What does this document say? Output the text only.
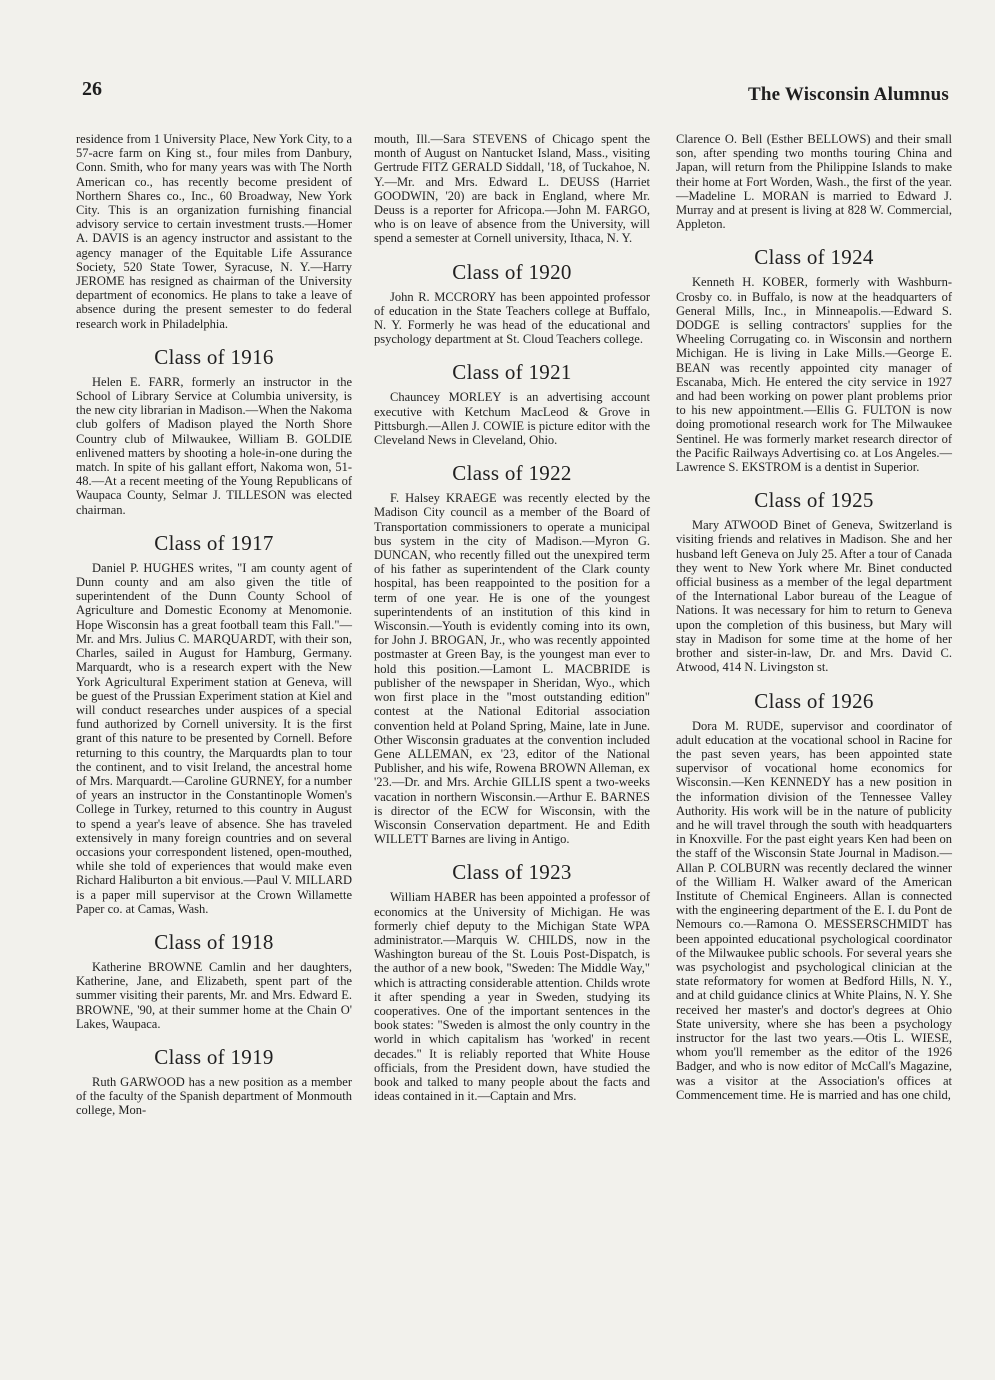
26	The Wisconsin Alumnus

residence from 1 University Place, New York City, to a 57-acre farm on King st., four miles from Danbury, Conn. Smith, who for many years was with The North American co., has recently become president of Northern Shares co., Inc., 60 Broadway, New York City. This is an organization furnishing financial advisory service to certain investment trusts.—Homer A. DAVIS is an agency instructor and assistant to the agency manager of the Equitable Life Assurance Society, 520 State Tower, Syracuse, N. Y.—Harry JEROME has resigned as chairman of the University department of economics. He plans to take a leave of absence during the present semester to do federal research work in Philadelphia.

Class of 1916

Helen E. FARR, formerly an instructor in the School of Library Service at Columbia university, is the new city librarian in Madison.—When the Nakoma club golfers of Madison played the North Shore Country club of Milwaukee, William B. GOLDIE enlivened matters by shooting a hole-in-one during the match. In spite of his gallant effort, Nakoma won, 51-48.—At a recent meeting of the Young Republicans of Waupaca County, Selmar J. TILLESON was elected chairman.

Class of 1917

Daniel P. HUGHES writes, "I am county agent of Dunn county and am also given the title of superintendent of the Dunn County School of Agriculture and Domestic Economy at Menomonie. Hope Wisconsin has a great football team this Fall."—Mr. and Mrs. Julius C. MARQUARDT, with their son, Charles, sailed in August for Hamburg, Germany. Marquardt, who is a research expert with the New York Agricultural Experiment station at Geneva, will be guest of the Prussian Experiment station at Kiel and will conduct researches under auspices of a special fund authorized by Cornell university. It is the first grant of this nature to be presented by Cornell. Before returning to this country, the Marquardts plan to tour the continent, and to visit Ireland, the ancestral home of Mrs. Marquardt.—Caroline GURNEY, for a number of years an instructor in the Constantinople Women's College in Turkey, returned to this country in August to spend a year's leave of absence. She has traveled extensively in many foreign countries and on several occasions your correspondent listened, open-mouthed, while she told of experiences that would make even Richard Haliburton a bit envious.—Paul V. MILLARD is a paper mill supervisor at the Crown Willamette Paper co. at Camas, Wash.

Class of 1918

Katherine BROWNE Camlin and her daughters, Katherine, Jane, and Elizabeth, spent part of the summer visiting their parents, Mr. and Mrs. Edward E. BROWNE, '90, at their summer home at the Chain O' Lakes, Waupaca.

Class of 1919

Ruth GARWOOD has a new position as a member of the faculty of the Spanish department of Monmouth college, Mon-

mouth, Ill.—Sara STEVENS of Chicago spent the month of August on Nantucket Island, Mass., visiting Gertrude FITZ GERALD Siddall, '18, of Tuckahoe, N. Y.—Mr. and Mrs. Edward L. DEUSS (Harriet GOODWIN, '20) are back in England, where Mr. Deuss is a reporter for Africopa.—John M. FARGO, who is on leave of absence from the University, will spend a semester at Cornell university, Ithaca, N. Y.

Class of 1920

John R. MCCRORY has been appointed professor of education in the State Teachers college at Buffalo, N. Y. Formerly he was head of the educational and psychology department at St. Cloud Teachers college.

Class of 1921

Chauncey MORLEY is an advertising account executive with Ketchum MacLeod & Grove in Pittsburgh.—Allen J. COWIE is picture editor with the Cleveland News in Cleveland, Ohio.

Class of 1922

F. Halsey KRAEGE was recently elected by the Madison City council as a member of the Board of Transportation commissioners to operate a municipal bus system in the city of Madison.—Myron G. DUNCAN, who recently filled out the unexpired term of his father as superintendent of the Clark county hospital, has been reappointed to the position for a term of one year. He is one of the youngest superintendents of an institution of this kind in Wisconsin.—Youth is evidently coming into its own, for John J. BROGAN, Jr., who was recently appointed postmaster at Green Bay, is the youngest man ever to hold this position.—Lamont L. MACBRIDE is publisher of the newspaper in Sheridan, Wyo., which won first place in the "most outstanding edition" contest at the National Editorial association convention held at Poland Spring, Maine, late in June. Other Wisconsin graduates at the convention included Gene ALLEMAN, ex '23, editor of the National Publisher, and his wife, Rowena BROWN Alleman, ex '23.—Dr. and Mrs. Archie GILLIS spent a two-weeks vacation in northern Wisconsin.—Arthur E. BARNES is director of the ECW for Wisconsin, with the Wisconsin Conservation department. He and Edith WILLETT Barnes are living in Antigo.

Class of 1923

William HABER has been appointed a professor of economics at the University of Michigan. He was formerly chief deputy to the Michigan State WPA administrator.—Marquis W. CHILDS, now in the Washington bureau of the St. Louis Post-Dispatch, is the author of a new book, "Sweden: The Middle Way," which is attracting considerable attention. Childs wrote it after spending a year in Sweden, studying its cooperatives. One of the important sentences in the book states: "Sweden is almost the only country in the world in which capitalism has 'worked' in recent decades." It is reliably reported that White House officials, from the President down, have studied the book and talked to many people about the facts and ideas contained in it.—Captain and Mrs.

Clarence O. Bell (Esther BELLOWS) and their small son, after spending two months touring China and Japan, will return from the Philippine Islands to make their home at Fort Worden, Wash., the first of the year.—Madeline L. MORAN is married to Edward J. Murray and at present is living at 828 W. Commercial, Appleton.

Class of 1924

Kenneth H. KOBER, formerly with Washburn-Crosby co. in Buffalo, is now at the headquarters of General Mills, Inc., in Minneapolis.—Edward S. DODGE is selling contractors' supplies for the Wheeling Corrugating co. in Wisconsin and northern Michigan. He is living in Lake Mills.—George E. BEAN was recently appointed city manager of Escanaba, Mich. He entered the city service in 1927 and had been working on power plant problems prior to his new appointment.—Ellis G. FULTON is now doing promotional research work for The Milwaukee Sentinel. He was formerly market research director of the Pacific Railways Advertising co. at Los Angeles.—Lawrence S. EKSTROM is a dentist in Superior.

Class of 1925

Mary ATWOOD Binet of Geneva, Switzerland is visiting friends and relatives in Madison. She and her husband left Geneva on July 25. After a tour of Canada they went to New York where Mr. Binet conducted official business as a member of the legal department of the International Labor bureau of the League of Nations. It was necessary for him to return to Geneva upon the completion of this business, but Mary will stay in Madison for some time at the home of her brother and sister-in-law, Dr. and Mrs. David C. Atwood, 414 N. Livingston st.

Class of 1926

Dora M. RUDE, supervisor and coordinator of adult education at the vocational school in Racine for the past seven years, has been appointed state supervisor of vocational home economics for Wisconsin.—Ken KENNEDY has a new position in the information division of the Tennessee Valley Authority. His work will be in the nature of publicity and he will travel through the south with headquarters in Knoxville. For the past eight years Ken had been on the staff of the Wisconsin State Journal in Madison.—Allan P. COLBURN was recently declared the winner of the William H. Walker award of the American Institute of Chemical Engineers. Allan is connected with the engineering department of the E. I. du Pont de Nemours co.—Ramona O. MESSERSCHMIDT has been appointed educational psychological coordinator of the Milwaukee public schools. For several years she was psychologist and psychological clinician at the state reformatory for women at Bedford Hills, N. Y., and at child guidance clinics at White Plains, N. Y. She received her master's and doctor's degrees at Ohio State university, where she has been a psychology instructor for the last two years.—Otis L. WIESE, whom you'll remember as the editor of the 1926 Badger, and who is now editor of McCall's Magazine, was a visitor at the Association's offices at Commencement time. He is married and has one child,
